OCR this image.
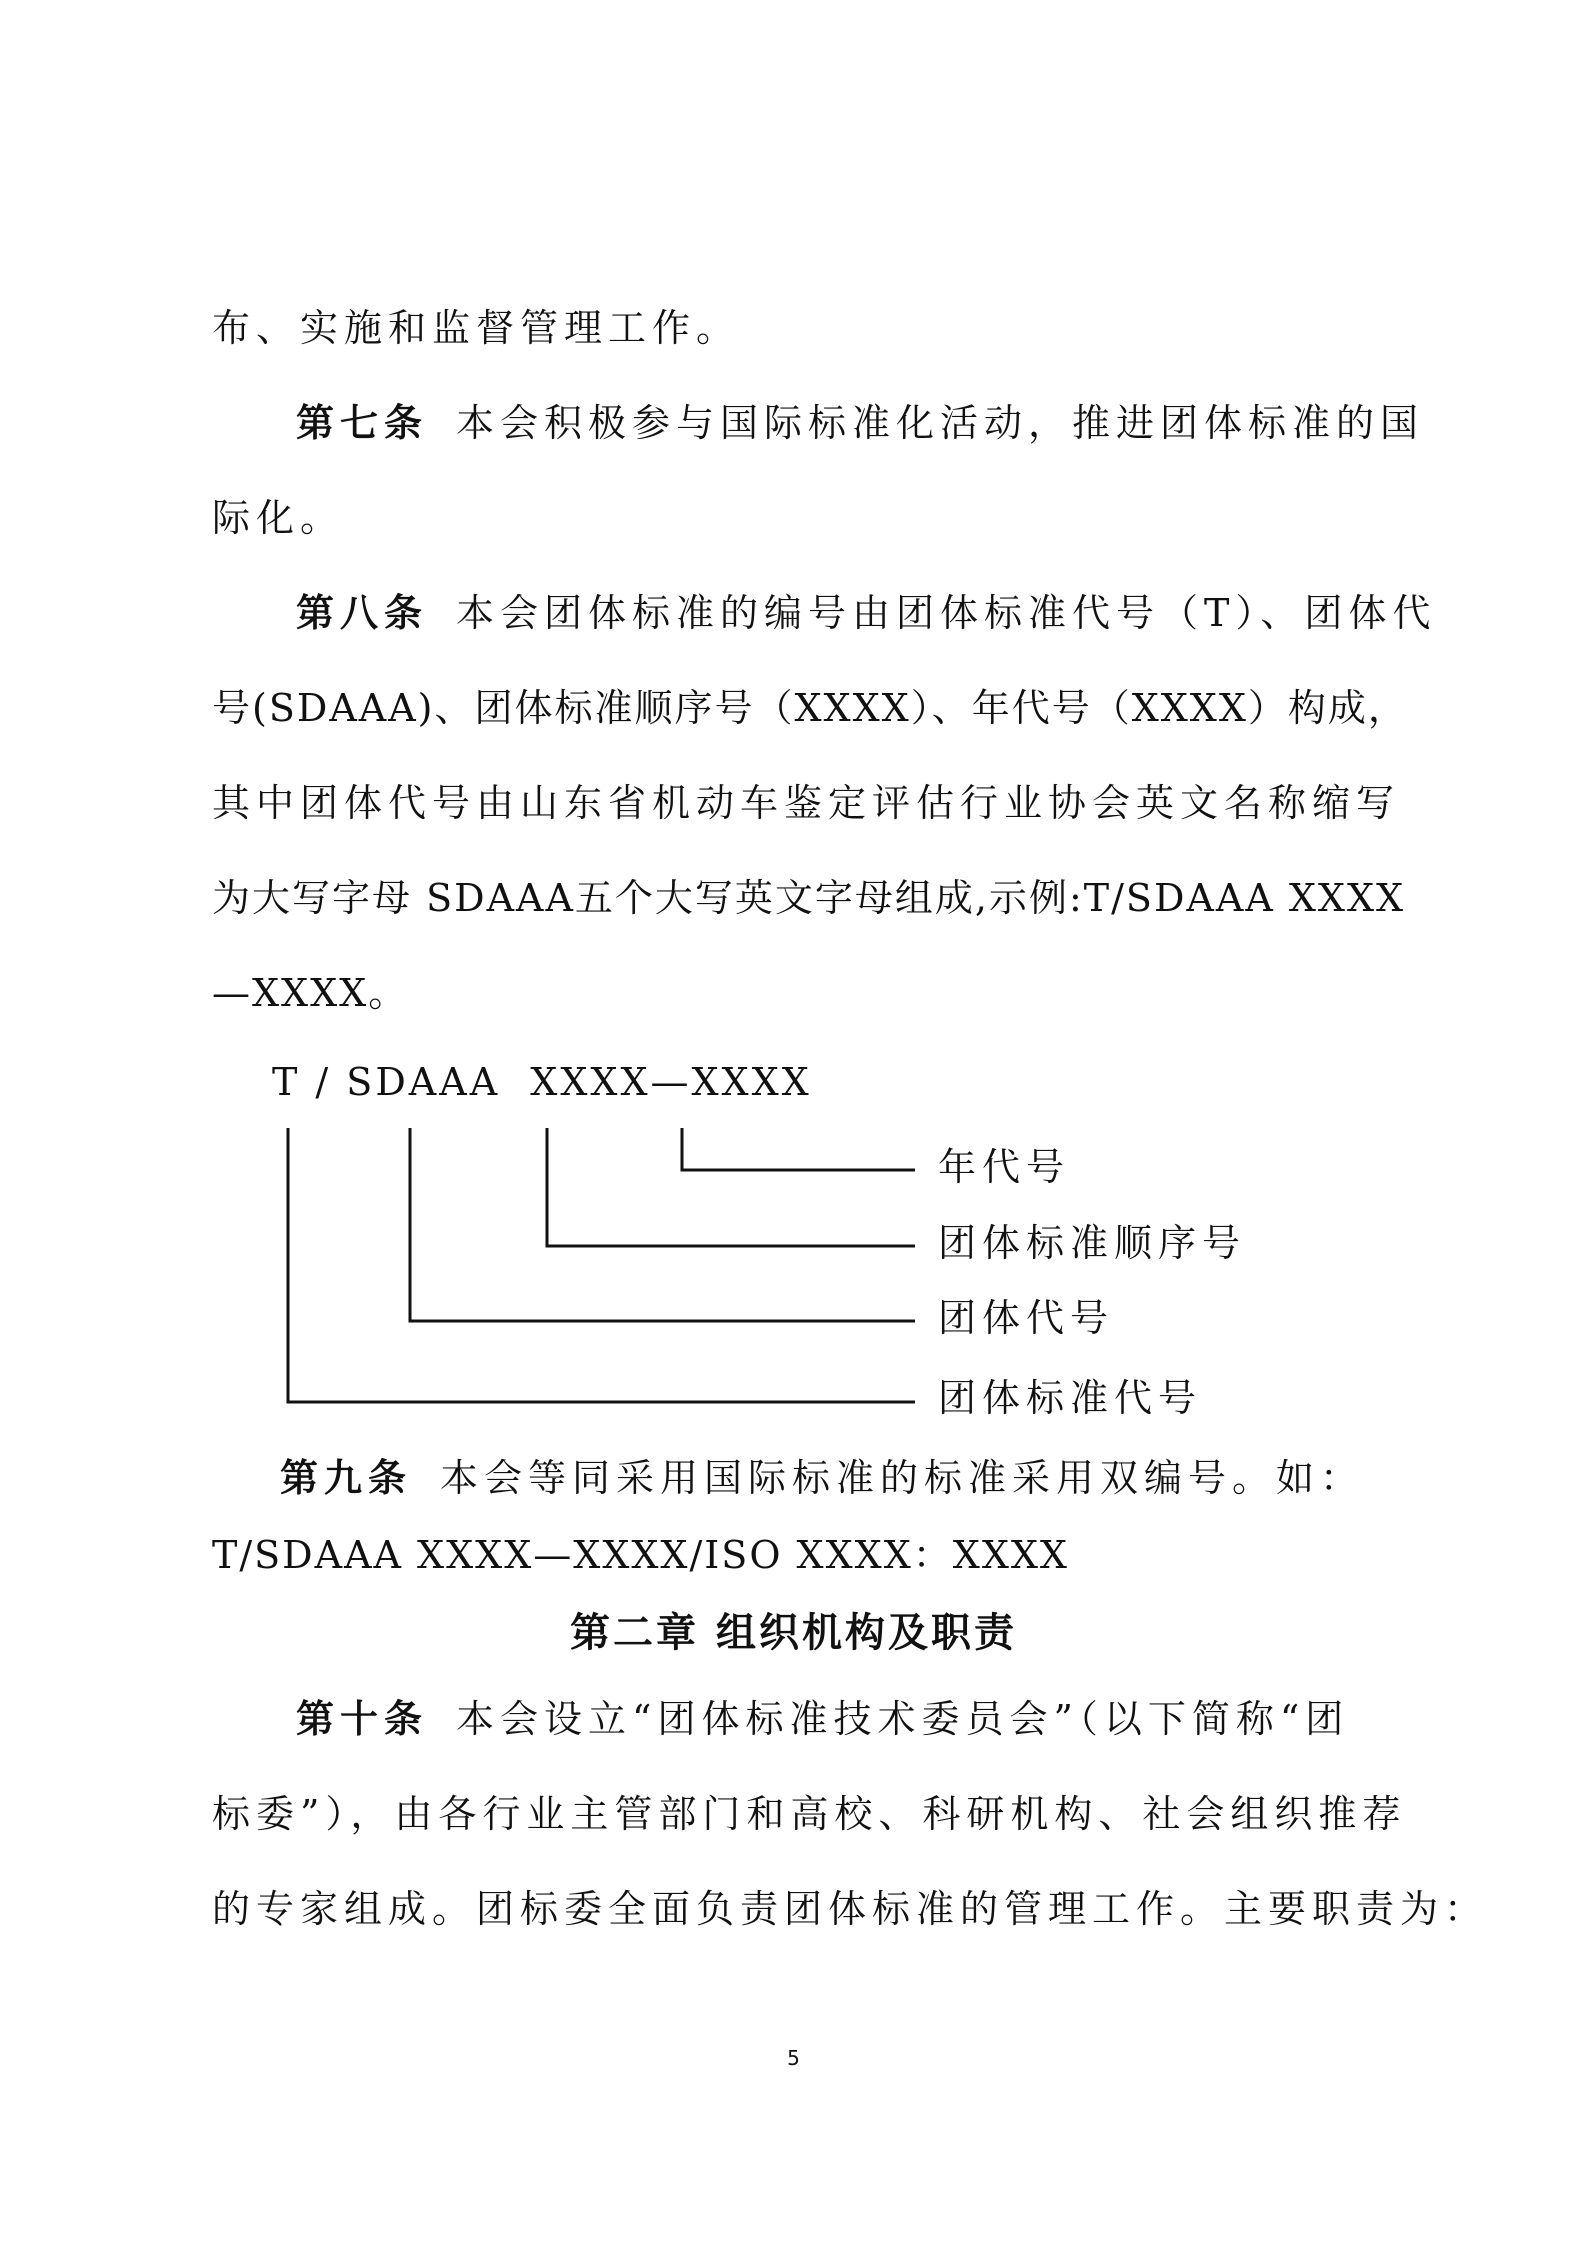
布、实施和监督管理工作。
第七条 本会积极参与国际标准化活动，推进团体标准的国
际化。
第八条 本会团体标准的编号由团体标准代号（T）、团体代
号(SDAAA)、团体标准顺序号（XXXX）、年代号（XXXX）构成，
其中团体代号由山东省机动车鉴定评估行业协会英文名称缩写
为大写字母 SDAAA五个大写英文字母组成,示例:T/SDAAA XXXX
—XXXX。
T / SDAAA  XXXX—XXXX
年代号
团体标准顺序号
团体代号
团体标准代号
第九条 本会等同采用国际标准的标准采用双编号。如：
T/SDAAA XXXX—XXXX/ISO XXXX：XXXX
第二章 组织机构及职责
第十条 本会设立“团体标准技术委员会”（以下简称“团
标委”），由各行业主管部门和高校、科研机构、社会组织推荐
的专家组成。团标委全面负责团体标准的管理工作。主要职责为：
5
